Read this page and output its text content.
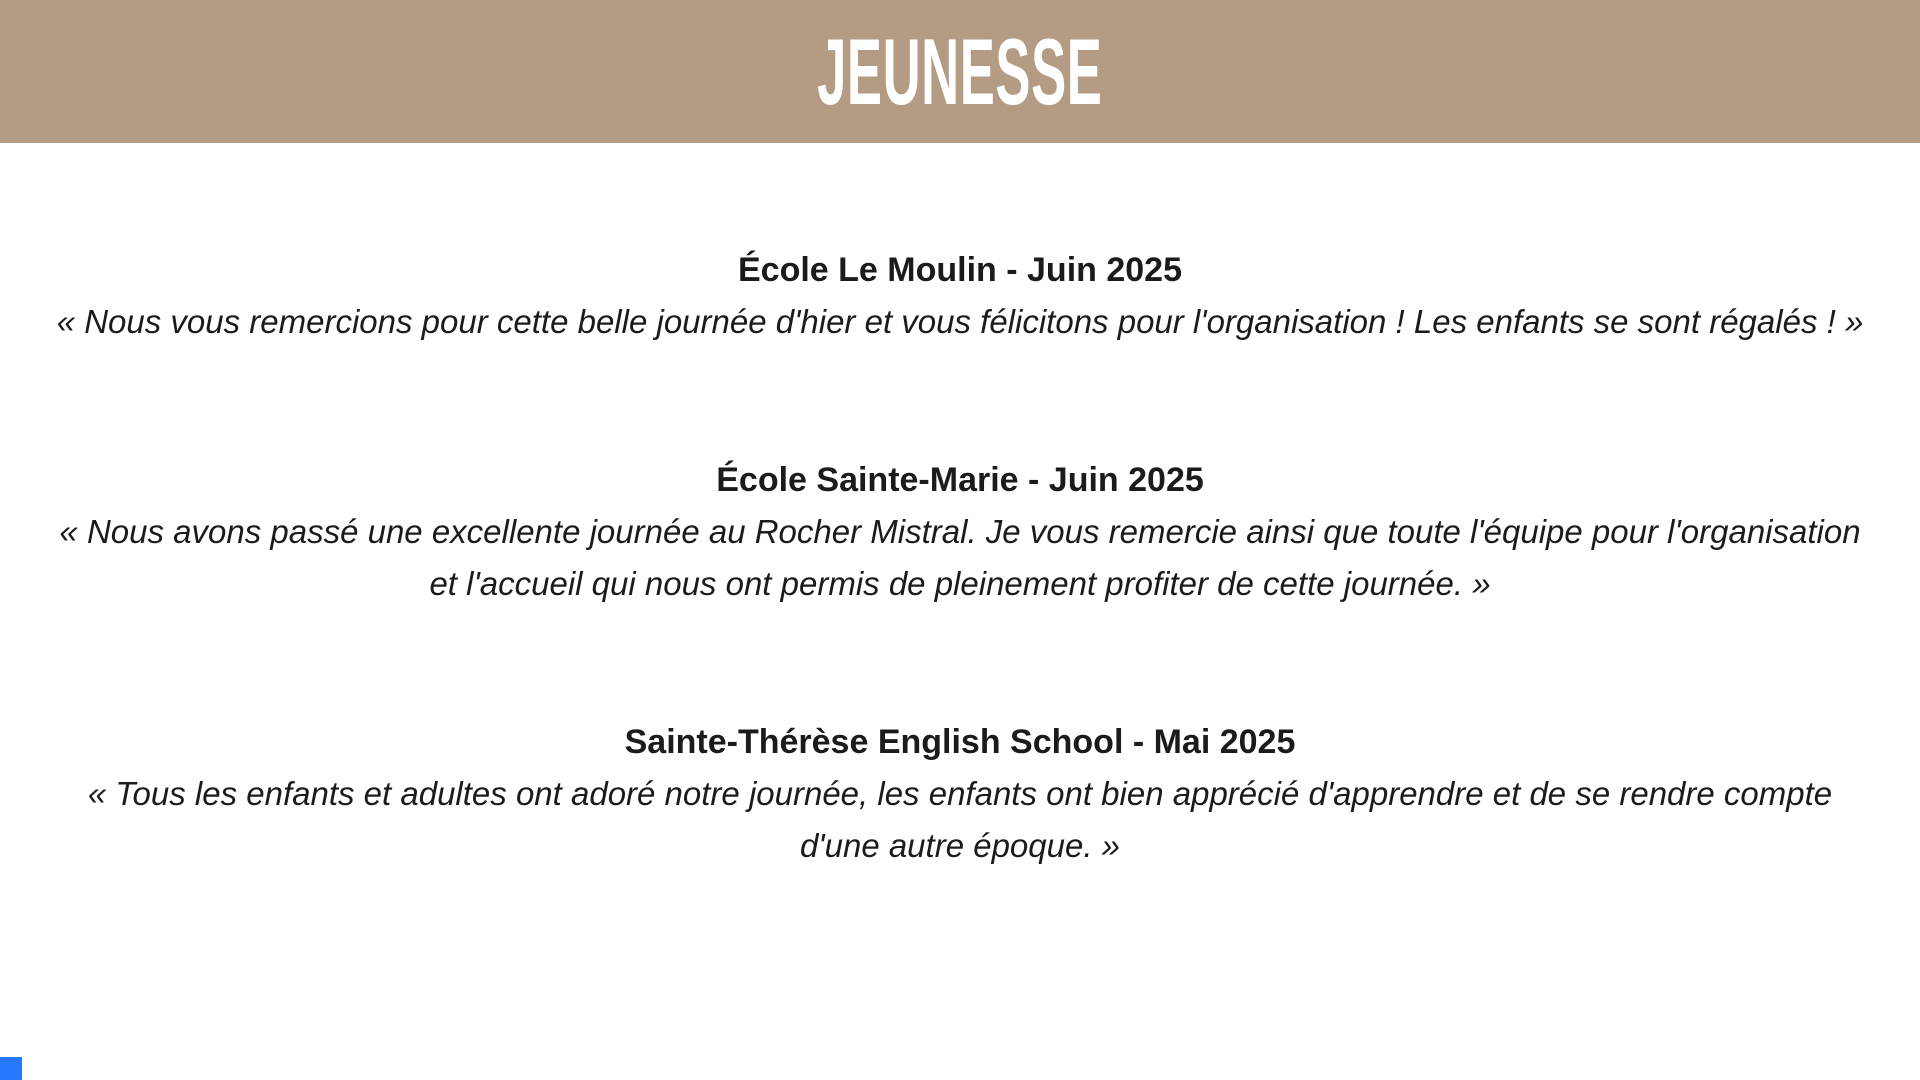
JEUNESSE
École Le Moulin - Juin 2025

« Nous vous remercions pour cette belle journée d'hier et vous félicitons pour l'organisation ! Les enfants se sont régalés ! »

École Sainte-Marie - Juin 2025

« Nous avons passé une excellente journée au Rocher Mistral. Je vous remercie ainsi que toute l'équipe pour l'organisation et l'accueil qui nous ont permis de pleinement profiter de cette journée. »

Sainte-Thérèse English School - Mai 2025

« Tous les enfants et adultes ont adoré notre journée, les enfants ont bien apprécié d'apprendre et de se rendre compte d'une autre époque. »
